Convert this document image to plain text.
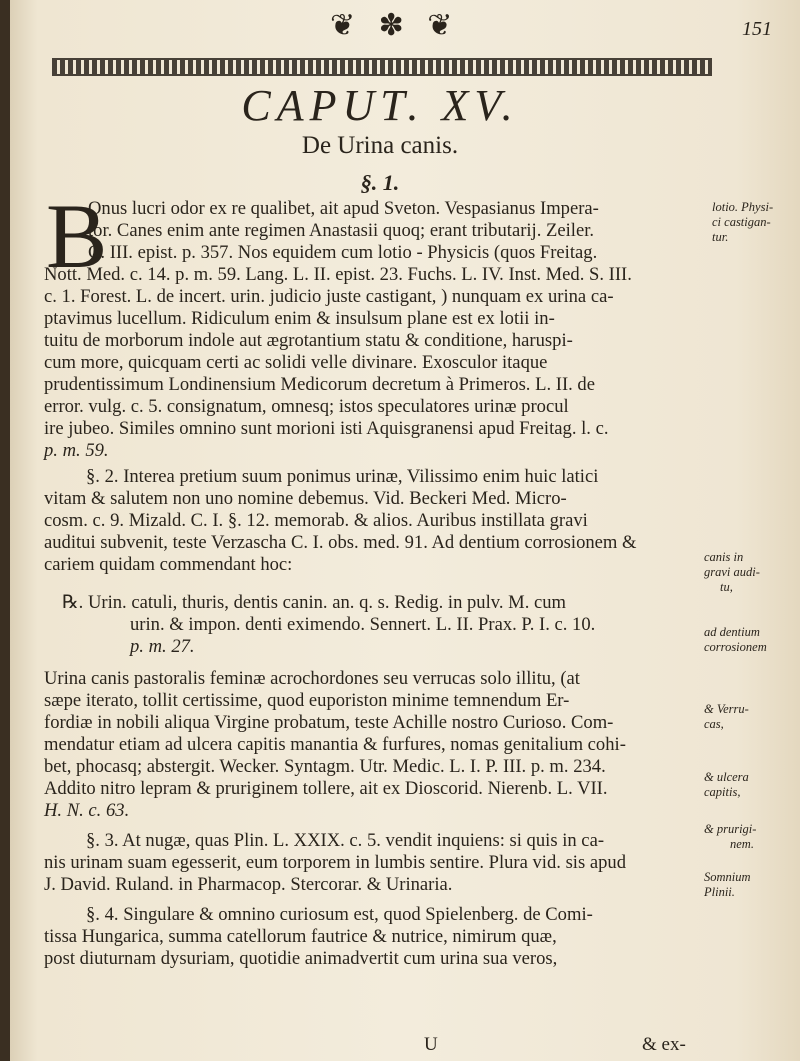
❦ ✽ ❦	151
CAPUT. XV.
De Urina canis.
§. 1.
B
Onus lucri odor ex re qualibet, ait apud Sveton. Vespasianus Impera-
tor. Canes enim ante regimen Anastasii quoq; erant tributarij. Zeiler.
C. III. epist. p. 357. Nos equidem cum lotio - Physicis (quos Freitag.
Nott. Med. c. 14. p. m. 59. Lang. L. II. epist. 23. Fuchs. L. IV. Inst. Med. S. III.
c. 1. Forest. L. de incert. urin. judicio juste castigant, ) nunquam ex urina ca-
ptavimus lucellum. Ridiculum enim & insulsum plane est ex lotii in-
tuitu de morborum indole aut ægrotantium statu & conditione, haruspi-
cum more, quicquam certi ac solidi velle divinare. Exosculor itaque
prudentissimum Londinensium Medicorum decretum à Primeros. L. II. de
error. vulg. c. 5. consignatum, omnesq; istos speculatores urinæ procul
ire jubeo. Similes omnino sunt morioni isti Aquisgranensi apud Freitag. l. c.
p. m. 59.
§. 2. Interea pretium suum ponimus urinæ, Vilissimo enim huic latici
vitam & salutem non uno nomine debemus. Vid. Beckeri Med. Micro-
cosm. c. 9. Mizald. C. I. §. 12. memorab. & alios. Auribus instillata gravi
auditui subvenit, teste Verzascha C. I. obs. med. 91. Ad dentium corrosionem &
cariem quidam commendant hoc:
℞. Urin. catuli, thuris, dentis canin. an. q. s. Redig. in pulv. M. cum
urin. & impon. denti eximendo. Sennert. L. II. Prax. P. I. c. 10.
p. m. 27.
Urina canis pastoralis feminæ acrochordones seu verrucas solo illitu, (at
sæpe iterato, tollit certissime, quod euporiston minime temnendum Er-
fordiæ in nobili aliqua Virgine probatum, teste Achille nostro Curioso. Com-
mendatur etiam ad ulcera capitis manantia & furfures, nomas genitalium cohi-
bet, phocasq; abstergit. Wecker. Syntagm. Utr. Medic. L. I. P. III. p. m. 234.
Addito nitro lepram & pruriginem tollere, ait ex Dioscorid. Nierenb. L. VII.
H. N. c. 63.
§. 3. At nugæ, quas Plin. L. XXIX. c. 5. vendit inquiens: si quis in ca-
nis urinam suam egesserit, eum torporem in lumbis sentire. Plura vid. sis apud
J. David. Ruland. in Pharmacop. Stercorar. & Urinaria.
§. 4. Singulare & omnino curiosum est, quod Spielenberg. de Comi-
tissa Hungarica, summa catellorum fautrice & nutrice, nimirum quæ,
post diuturnam dysuriam, quotidie animadvertit cum urina sua veros,
lotio. Physi-
ci castigan-
tur.
canis in
gravi audi-
tu,
ad dentium
corrosionem
& Verru-
cas,
& ulcera
capitis,
& prurigi-
nem.
Somnium
Plinii.
U	& ex-
